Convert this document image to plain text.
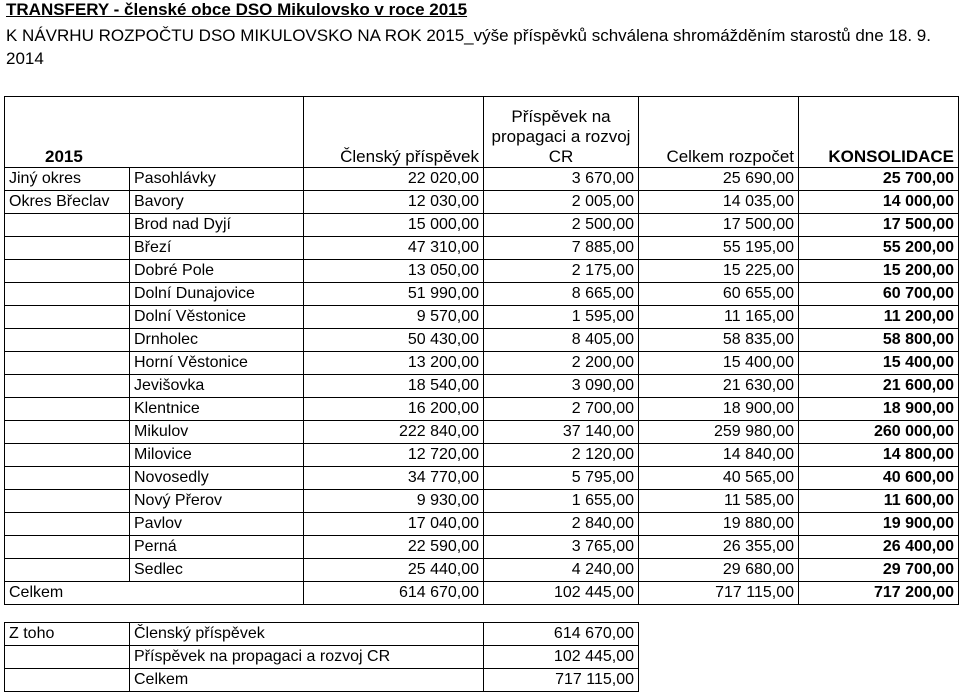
TRANSFERY - členské obce DSO Mikulovsko v roce 2015
K NÁVRHU ROZPOČTU DSO MIKULOVSKO NA ROK 2015_výše příspěvků schválena shromážděním starostů dne 18. 9. 2014
2015		Členský příspěvek	Příspěvek na propagaci a rozvoj CR	Celkem rozpočet	KONSOLIDACE
Jiný okres	Pasohlávky	22 020,00	3 670,00	25 690,00	25 700,00
Okres Břeclav	Bavory	12 030,00	2 005,00	14 035,00	14 000,00
	Brod nad Dyjí	15 000,00	2 500,00	17 500,00	17 500,00
	Březí	47 310,00	7 885,00	55 195,00	55 200,00
	Dobré Pole	13 050,00	2 175,00	15 225,00	15 200,00
	Dolní Dunajovice	51 990,00	8 665,00	60 655,00	60 700,00
	Dolní Věstonice	9 570,00	1 595,00	11 165,00	11 200,00
	Drnholec	50 430,00	8 405,00	58 835,00	58 800,00
	Horní Věstonice	13 200,00	2 200,00	15 400,00	15 400,00
	Jevišovka	18 540,00	3 090,00	21 630,00	21 600,00
	Klentnice	16 200,00	2 700,00	18 900,00	18 900,00
	Mikulov	222 840,00	37 140,00	259 980,00	260 000,00
	Milovice	12 720,00	2 120,00	14 840,00	14 800,00
	Novosedly	34 770,00	5 795,00	40 565,00	40 600,00
	Nový Přerov	9 930,00	1 655,00	11 585,00	11 600,00
	Pavlov	17 040,00	2 840,00	19 880,00	19 900,00
	Perná	22 590,00	3 765,00	26 355,00	26 400,00
	Sedlec	25 440,00	4 240,00	29 680,00	29 700,00
Celkem		614 670,00	102 445,00	717 115,00	717 200,00
Z toho	Členský příspěvek	614 670,00
	Příspěvek na propagaci a rozvoj CR	102 445,00
	Celkem	717 115,00
